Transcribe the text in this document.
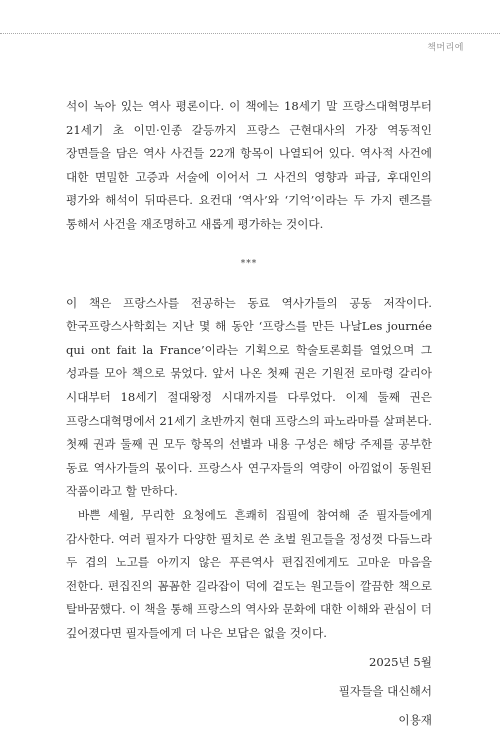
책머리에

석이 녹아 있는 역사 평론이다. 이 책에는 18세기 말 프랑스대혁명부터 21세기 초 이민·인종 갈등까지 프랑스 근현대사의 가장 역동적인 장면들을 담은 역사 사건들 22개 항목이 나열되어 있다. 역사적 사건에 대한 면밀한 고증과 서술에 이어서 그 사건의 영향과 파급, 후대인의 평가와 해석이 뒤따른다. 요컨대 ‘역사’와 ‘기억’이라는 두 가지 렌즈를 통해서 사건을 재조명하고 새롭게 평가하는 것이다.

***

이 책은 프랑스사를 전공하는 동료 역사가들의 공동 저작이다. 한국프랑스사학회는 지난 몇 해 동안 ‘프랑스를 만든 나날Les journée qui ont fait la France’이라는 기획으로 학술토론회를 열었으며 그 성과를 모아 책으로 묶었다. 앞서 나온 첫째 권은 기원전 로마령 갈리아 시대부터 18세기 절대왕정 시대까지를 다루었다. 이제 둘째 권은 프랑스대혁명에서 21세기 초반까지 현대 프랑스의 파노라마를 살펴본다. 첫째 권과 둘째 권 모두 항목의 선별과 내용 구성은 해당 주제를 공부한 동료 역사가들의 몫이다. 프랑스사 연구자들의 역량이 아낌없이 동원된 작품이라고 할 만하다.

바쁜 세월, 무리한 요청에도 흔쾌히 집필에 참여해 준 필자들에게 감사한다. 여러 필자가 다양한 필치로 쓴 초벌 원고들을 정성껏 다듬느라 두 겹의 노고를 아끼지 않은 푸른역사 편집진에게도 고마운 마음을 전한다. 편집진의 꼼꼼한 길라잡이 덕에 겉도는 원고들이 깔끔한 책으로 탈바꿈했다. 이 책을 통해 프랑스의 역사와 문화에 대한 이해와 관심이 더 깊어졌다면 필자들에게 더 나은 보답은 없을 것이다.

2025년 5월
필자들을 대신해서
이용재
